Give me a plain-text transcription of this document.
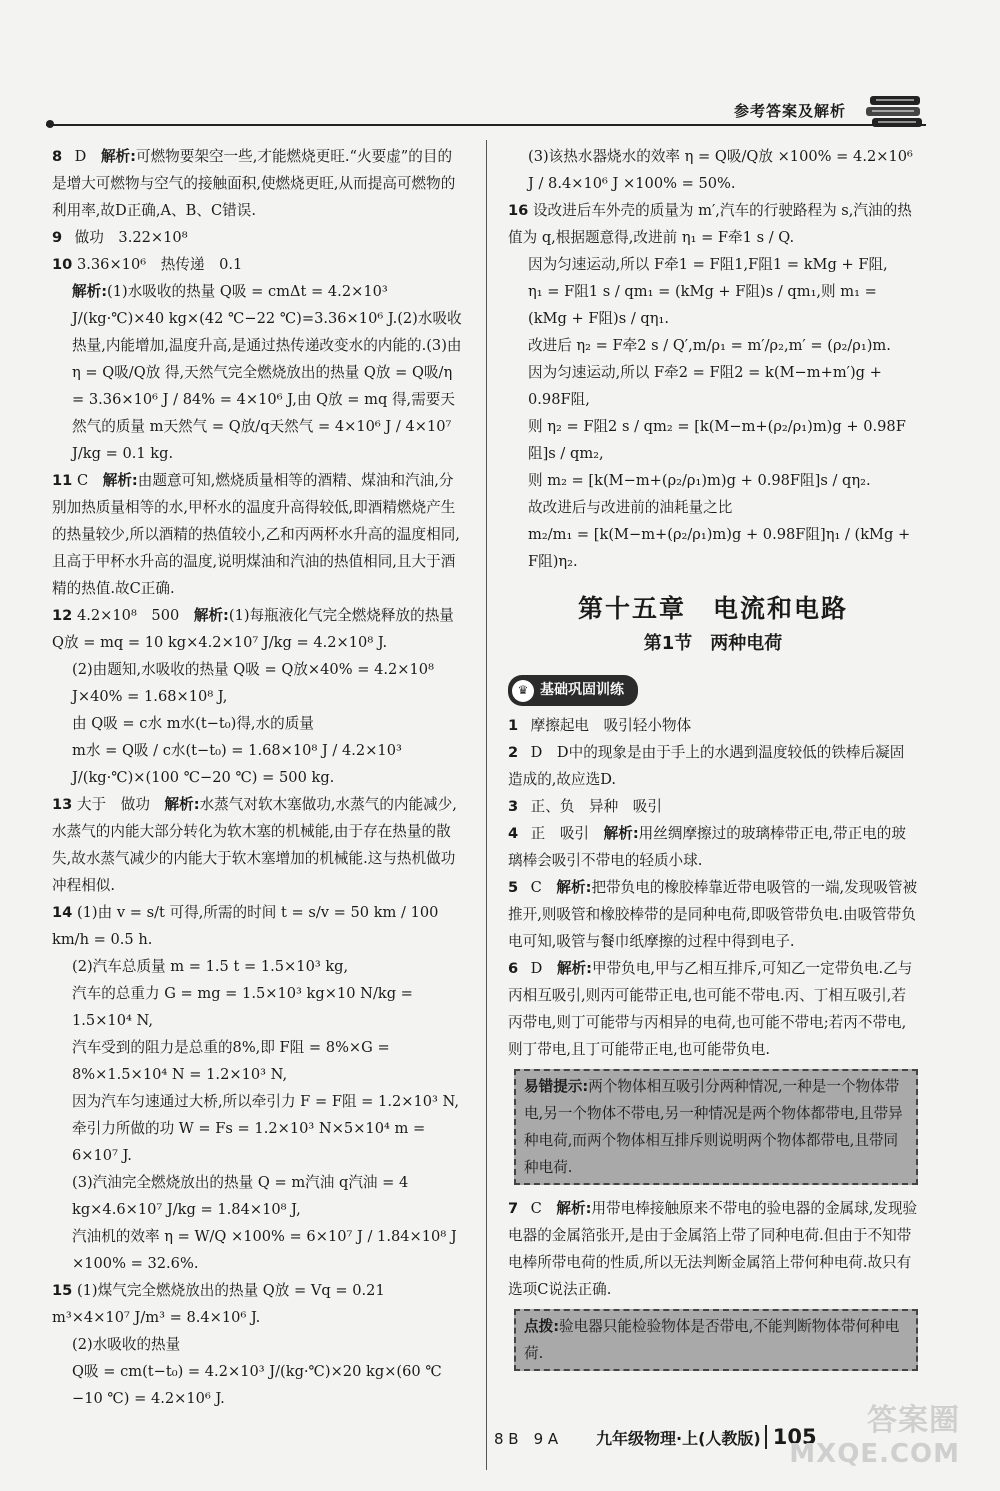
参考答案及解析
8 D　解析:可燃物要架空一些,才能燃烧更旺.“火要虚”的目的是增大可燃物与空气的接触面积,使燃烧更旺,从而提高可燃物的利用率,故D正确,A、B、C错误.
9 做功　3.22×10⁸
10 3.36×10⁶　热传递　0.1
解析:(1)水吸收的热量 Q吸 = cmΔt = 4.2×10³ J/(kg·℃)×40 kg×(42 ℃−22 ℃)=3.36×10⁶ J.(2)水吸收热量,内能增加,温度升高,是通过热传递改变水的内能的.(3)由 η = Q吸/Q放 得,天然气完全燃烧放出的热量 Q放 = Q吸/η = 3.36×10⁶ J / 84% = 4×10⁶ J,由 Q放 = mq 得,需要天然气的质量 m天然气 = Q放/q天然气 = 4×10⁶ J / 4×10⁷ J/kg = 0.1 kg.
11 C　解析:由题意可知,燃烧质量相等的酒精、煤油和汽油,分别加热质量相等的水,甲杯水的温度升高得较低,即酒精燃烧产生的热量较少,所以酒精的热值较小,乙和丙两杯水升高的温度相同,且高于甲杯水升高的温度,说明煤油和汽油的热值相同,且大于酒精的热值.故C正确.
12 4.2×10⁸　500　解析:(1)每瓶液化气完全燃烧释放的热量 Q放 = mq = 10 kg×4.2×10⁷ J/kg = 4.2×10⁸ J.
(2)由题知,水吸收的热量 Q吸 = Q放×40% = 4.2×10⁸ J×40% = 1.68×10⁸ J,
由 Q吸 = c水 m水(t−t₀)得,水的质量
m水 = Q吸 / c水(t−t₀) = 1.68×10⁸ J / 4.2×10³ J/(kg·℃)×(100 ℃−20 ℃) = 500 kg.
13 大于　做功　解析:水蒸气对软木塞做功,水蒸气的内能减少,水蒸气的内能大部分转化为软木塞的机械能,由于存在热量的散失,故水蒸气减少的内能大于软木塞增加的机械能.这与热机做功冲程相似.
14 (1)由 v = s/t 可得,所需的时间 t = s/v = 50 km / 100 km/h = 0.5 h.
(2)汽车总质量 m = 1.5 t = 1.5×10³ kg,
汽车的总重力 G = mg = 1.5×10³ kg×10 N/kg = 1.5×10⁴ N,
汽车受到的阻力是总重的8%,即 F阻 = 8%×G = 8%×1.5×10⁴ N = 1.2×10³ N,
因为汽车匀速通过大桥,所以牵引力 F = F阻 = 1.2×10³ N,
牵引力所做的功 W = Fs = 1.2×10³ N×5×10⁴ m = 6×10⁷ J.
(3)汽油完全燃烧放出的热量 Q = m汽油 q汽油 = 4 kg×4.6×10⁷ J/kg = 1.84×10⁸ J,
汽油机的效率 η = W/Q ×100% = 6×10⁷ J / 1.84×10⁸ J ×100% = 32.6%.
15 (1)煤气完全燃烧放出的热量 Q放 = Vq = 0.21 m³×4×10⁷ J/m³ = 8.4×10⁶ J.
(2)水吸收的热量
Q吸 = cm(t−t₀) = 4.2×10³ J/(kg·℃)×20 kg×(60 ℃−10 ℃) = 4.2×10⁶ J.
(3)该热水器烧水的效率 η = Q吸/Q放 ×100% = 4.2×10⁶ J / 8.4×10⁶ J ×100% = 50%.
16 设改进后车外壳的质量为 m′,汽车的行驶路程为 s,汽油的热值为 q,根据题意得,改进前 η₁ = F牵1 s / Q.
因为匀速运动,所以 F牵1 = F阻1,F阻1 = kMg + F阻,
η₁ = F阻1 s / qm₁ = (kMg + F阻)s / qm₁,则 m₁ = (kMg + F阻)s / qη₁.
改进后 η₂ = F牵2 s / Q′,m/ρ₁ = m′/ρ₂,m′ = (ρ₂/ρ₁)m.
因为匀速运动,所以 F牵2 = F阻2 = k(M−m+m′)g + 0.98F阻,
则 η₂ = F阻2 s / qm₂ = [k(M−m+(ρ₂/ρ₁)m)g + 0.98F阻]s / qm₂,
则 m₂ = [k(M−m+(ρ₂/ρ₁)m)g + 0.98F阻]s / qη₂.
故改进后与改进前的油耗量之比
m₂/m₁ = [k(M−m+(ρ₂/ρ₁)m)g + 0.98F阻]η₁ / (kMg + F阻)η₂.
第十五章　电流和电路
第1节　两种电荷
♛ 基础巩固训练
1 摩擦起电　吸引轻小物体
2 D　D中的现象是由于手上的水遇到温度较低的铁棒后凝固造成的,故应选D.
3 正、负　异种　吸引
4 正　吸引　解析:用丝绸摩擦过的玻璃棒带正电,带正电的玻璃棒会吸引不带电的轻质小球.
5 C　解析:把带负电的橡胶棒靠近带电吸管的一端,发现吸管被推开,则吸管和橡胶棒带的是同种电荷,即吸管带负电.由吸管带负电可知,吸管与餐巾纸摩擦的过程中得到电子.
6 D　解析:甲带负电,甲与乙相互排斥,可知乙一定带负电.乙与丙相互吸引,则丙可能带正电,也可能不带电.丙、丁相互吸引,若丙带电,则丁可能带与丙相异的电荷,也可能不带电;若丙不带电,则丁带电,且丁可能带正电,也可能带负电.
易错提示:两个物体相互吸引分两种情况,一种是一个物体带电,另一个物体不带电,另一种情况是两个物体都带电,且带异种电荷,而两个物体相互排斥则说明两个物体都带电,且带同种电荷.
7 C　解析:用带电棒接触原来不带电的验电器的金属球,发现验电器的金属箔张开,是由于金属箔上带了同种电荷.但由于不知带电棒所带电荷的性质,所以无法判断金属箔上带何种电荷.故只有选项C说法正确.
点拨:验电器只能检验物体是否带电,不能判断物体带何种电荷.
8 B　9 A 九年级物理·上(人教版) 105	答案圈
MXQE.COM
